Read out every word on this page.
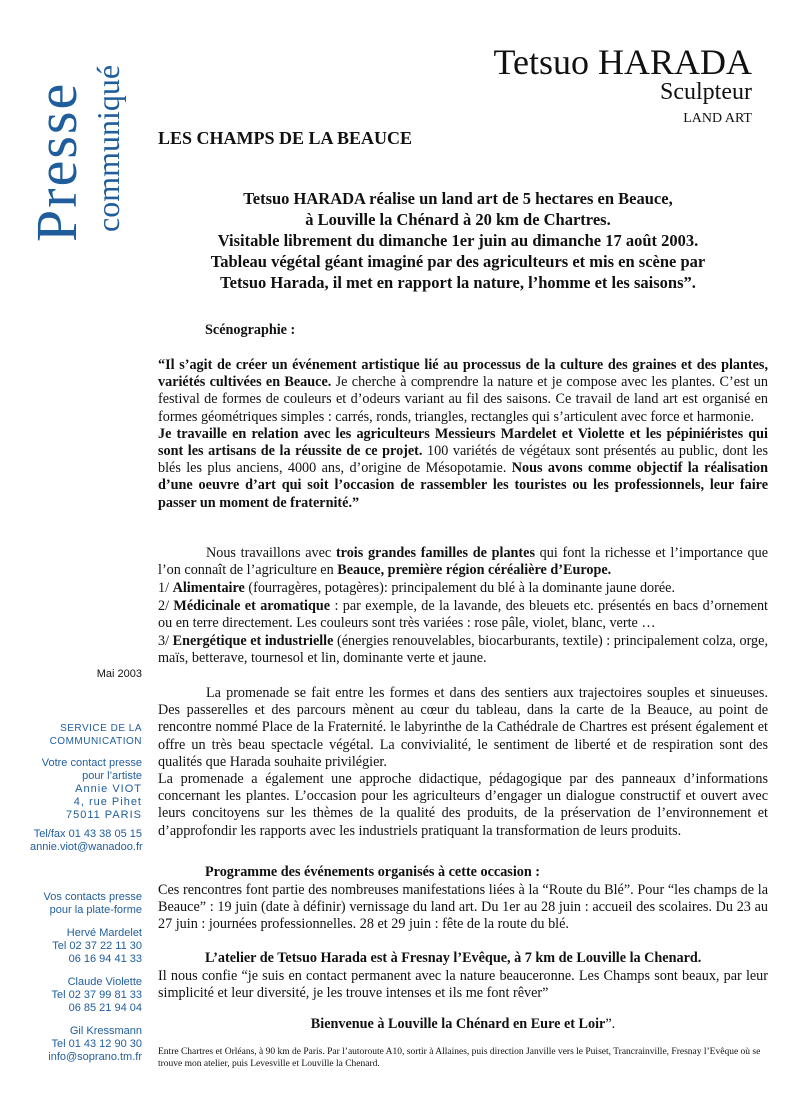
Presse communiqué
Tetsuo HARADA
Sculpteur
LAND ART
LES CHAMPS DE LA BEAUCE
Tetsuo HARADA réalise un land art de 5 hectares en Beauce,
à Louville la Chénard à 20 km de Chartres.
Visitable librement du dimanche 1er juin au dimanche 17 août 2003.
Tableau végétal géant imaginé par des agriculteurs et mis en scène par
Tetsuo Harada, il met en rapport la nature, l’homme et les saisons”.
Scénographie :
“Il s’agit de créer un événement artistique lié au processus de la culture des graines et des plantes, variétés cultivées en Beauce. Je cherche à comprendre la nature et je compose avec les plantes. C’est un festival de formes de couleurs et d’odeurs variant au fil des saisons. Ce travail de land art est organisé en formes géométriques simples : carrés, ronds, triangles, rectangles qui s’articulent avec force et harmonie.
Je travaille en relation avec les agriculteurs Messieurs Mardelet et Violette et les pépiniéristes qui sont les artisans de la réussite de ce projet. 100 variétés de végétaux sont présentés au public, dont les blés les plus anciens, 4000 ans, d’origine de Mésopotamie. Nous avons comme objectif la réalisation d’une oeuvre d’art qui soit l’occasion de rassembler les touristes ou les professionnels, leur faire passer un moment de fraternité.”
Nous travaillons avec trois grandes familles de plantes qui font la richesse et l’importance que l’on connaît de l’agriculture en Beauce, première région céréalière d’Europe.
1/ Alimentaire (fourragères, potagères): principalement du blé à la dominante jaune dorée.
2/ Médicinale et aromatique : par exemple, de la lavande, des bleuets etc. présentés en bacs d’ornement ou en terre directement. Les couleurs sont très variées : rose pâle, violet, blanc, verte …
3/ Energétique et industrielle (énergies renouvelables, biocarburants, textile) : principalement colza, orge, maïs, betterave, tournesol et lin, dominante verte et jaune.
La promenade se fait entre les formes et dans des sentiers aux trajectoires souples et sinueuses. Des passerelles et des parcours mènent au cœur du tableau, dans la carte de la Beauce, au point de rencontre nommé Place de la Fraternité. le labyrinthe de la Cathédrale de Chartres est présent également et offre un très beau spectacle végétal. La convivialité, le sentiment de liberté et de respiration sont des qualités que Harada souhaite privilégier.
La promenade a également une approche didactique, pédagogique par des panneaux d’informations concernant les plantes. L’occasion pour les agriculteurs d’engager un dialogue constructif et ouvert avec leurs concitoyens sur les thèmes de la qualité des produits, de la préservation de l’environnement et d’approfondir les rapports avec les industriels pratiquant la transformation de leurs produits.
Programme des événements organisés à cette occasion :
Ces rencontres font partie des nombreuses manifestations liées à la “Route du Blé”. Pour “les champs de la Beauce” : 19 juin (date à définir) vernissage du land art. Du 1er au 28 juin : accueil des scolaires. Du 23 au 27 juin : journées professionnelles. 28 et 29 juin : fête de la route du blé.
L’atelier de Tetsuo Harada est à Fresnay l’Evêque, à 7 km de Louville la Chenard.
Il nous confie “je suis en contact permanent avec la nature beauceronne. Les Champs sont beaux, par leur simplicité et leur diversité, je les trouve intenses et ils me font rêver”
Bienvenue à Louville la Chénard en Eure et Loir”.
Entre Chartres et Orléans, à 90 km de Paris. Par l’autoroute A10, sortir à Allaines, puis direction Janville vers le Puiset, Trancrainville, Fresnay l’Evêque où se trouve mon atelier, puis Levesville et Louville la Chenard.
Mai 2003
SERVICE DE LA
COMMUNICATION
Votre contact presse
pour l’artiste
Annie VIOT
4, rue Pihet
75011 PARIS
Tel/fax 01 43 38 05 15
annie.viot@wanadoo.fr
Vos contacts presse
pour la plate-forme
Hervé Mardelet
Tel 02 37 22 11 30
06 16 94 41 33
Claude Violette
Tel 02 37 99 81 33
06 85 21 94 04
Gil Kressmann
Tel 01 43 12 90 30
info@soprano.tm.fr
